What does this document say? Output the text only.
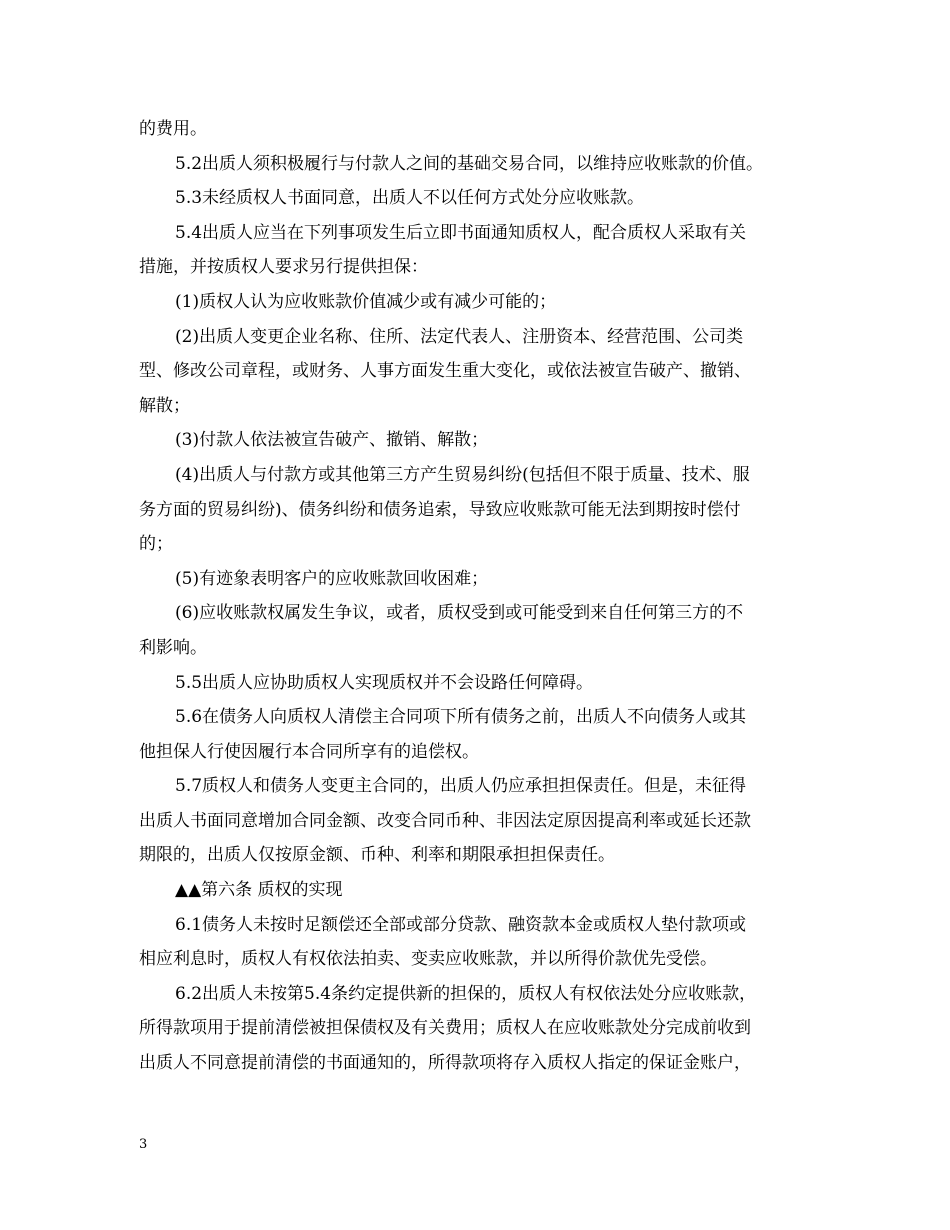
的费用。
5.2出质人须积极履行与付款人之间的基础交易合同，以维持应收账款的价值。
5.3未经质权人书面同意，出质人不以任何方式处分应收账款。
5.4出质人应当在下列事项发生后立即书面通知质权人，配合质权人采取有关
措施，并按质权人要求另行提供担保：
(1)质权人认为应收账款价值减少或有减少可能的；
(2)出质人变更企业名称、住所、法定代表人、注册资本、经营范围、公司类
型、修改公司章程，或财务、人事方面发生重大变化，或依法被宣告破产、撤销、
解散；
(3)付款人依法被宣告破产、撤销、解散；
(4)出质人与付款方或其他第三方产生贸易纠纷(包括但不限于质量、技术、服
务方面的贸易纠纷)、债务纠纷和债务追索，导致应收账款可能无法到期按时偿付
的；
(5)有迹象表明客户的应收账款回收困难；
(6)应收账款权属发生争议，或者，质权受到或可能受到来自任何第三方的不
利影响。
5.5出质人应协助质权人实现质权并不会设路任何障碍。
5.6在债务人向质权人清偿主合同项下所有债务之前，出质人不向债务人或其
他担保人行使因履行本合同所享有的追偿权。
5.7质权人和债务人变更主合同的，出质人仍应承担担保责任。但是，未征得
出质人书面同意增加合同金额、改变合同币种、非因法定原因提高利率或延长还款
期限的，出质人仅按原金额、币种、利率和期限承担担保责任。
▲▲第六条 质权的实现
6.1债务人未按时足额偿还全部或部分贷款、融资款本金或质权人垫付款项或
相应利息时，质权人有权依法拍卖、变卖应收账款，并以所得价款优先受偿。
6.2出质人未按第5.4条约定提供新的担保的，质权人有权依法处分应收账款，
所得款项用于提前清偿被担保债权及有关费用；质权人在应收账款处分完成前收到
出质人不同意提前清偿的书面通知的，所得款项将存入质权人指定的保证金账户，
3
